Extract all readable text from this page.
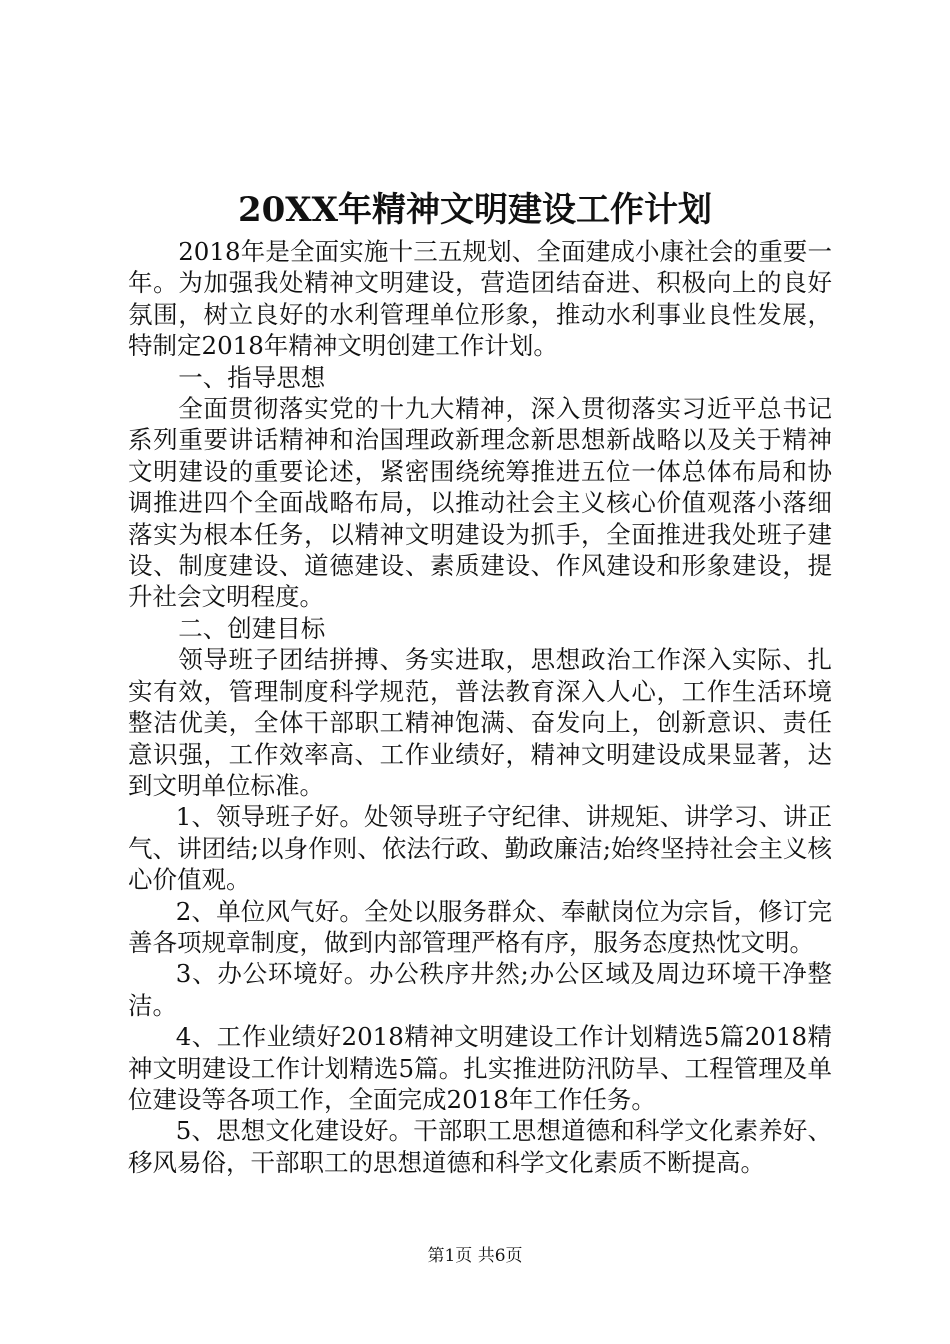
20XX年精神文明建设工作计划

2018年是全面实施十三五规划、全面建成小康社会的重要一年。为加强我处精神文明建设，营造团结奋进、积极向上的良好氛围，树立良好的水利管理单位形象，推动水利事业良性发展，特制定2018年精神文明创建工作计划。

一、指导思想

全面贯彻落实党的十九大精神，深入贯彻落实习近平总书记系列重要讲话精神和治国理政新理念新思想新战略以及关于精神文明建设的重要论述，紧密围绕统筹推进五位一体总体布局和协调推进四个全面战略布局，以推动社会主义核心价值观落小落细落实为根本任务，以精神文明建设为抓手，全面推进我处班子建设、制度建设、道德建设、素质建设、作风建设和形象建设，提升社会文明程度。

二、创建目标

领导班子团结拼搏、务实进取，思想政治工作深入实际、扎实有效，管理制度科学规范，普法教育深入人心，工作生活环境整洁优美，全体干部职工精神饱满、奋发向上，创新意识、责任意识强，工作效率高、工作业绩好，精神文明建设成果显著，达到文明单位标准。

1、领导班子好。处领导班子守纪律、讲规矩、讲学习、讲正气、讲团结;以身作则、依法行政、勤政廉洁;始终坚持社会主义核心价值观。

2、单位风气好。全处以服务群众、奉献岗位为宗旨，修订完善各项规章制度，做到内部管理严格有序，服务态度热忱文明。

3、办公环境好。办公秩序井然;办公区域及周边环境干净整洁。

4、工作业绩好2018精神文明建设工作计划精选5篇2018精神文明建设工作计划精选5篇。扎实推进防汛防旱、工程管理及单位建设等各项工作，全面完成2018年工作任务。

5、思想文化建设好。干部职工思想道德和科学文化素养好、移风易俗，干部职工的思想道德和科学文化素质不断提高。

第1页 共6页
